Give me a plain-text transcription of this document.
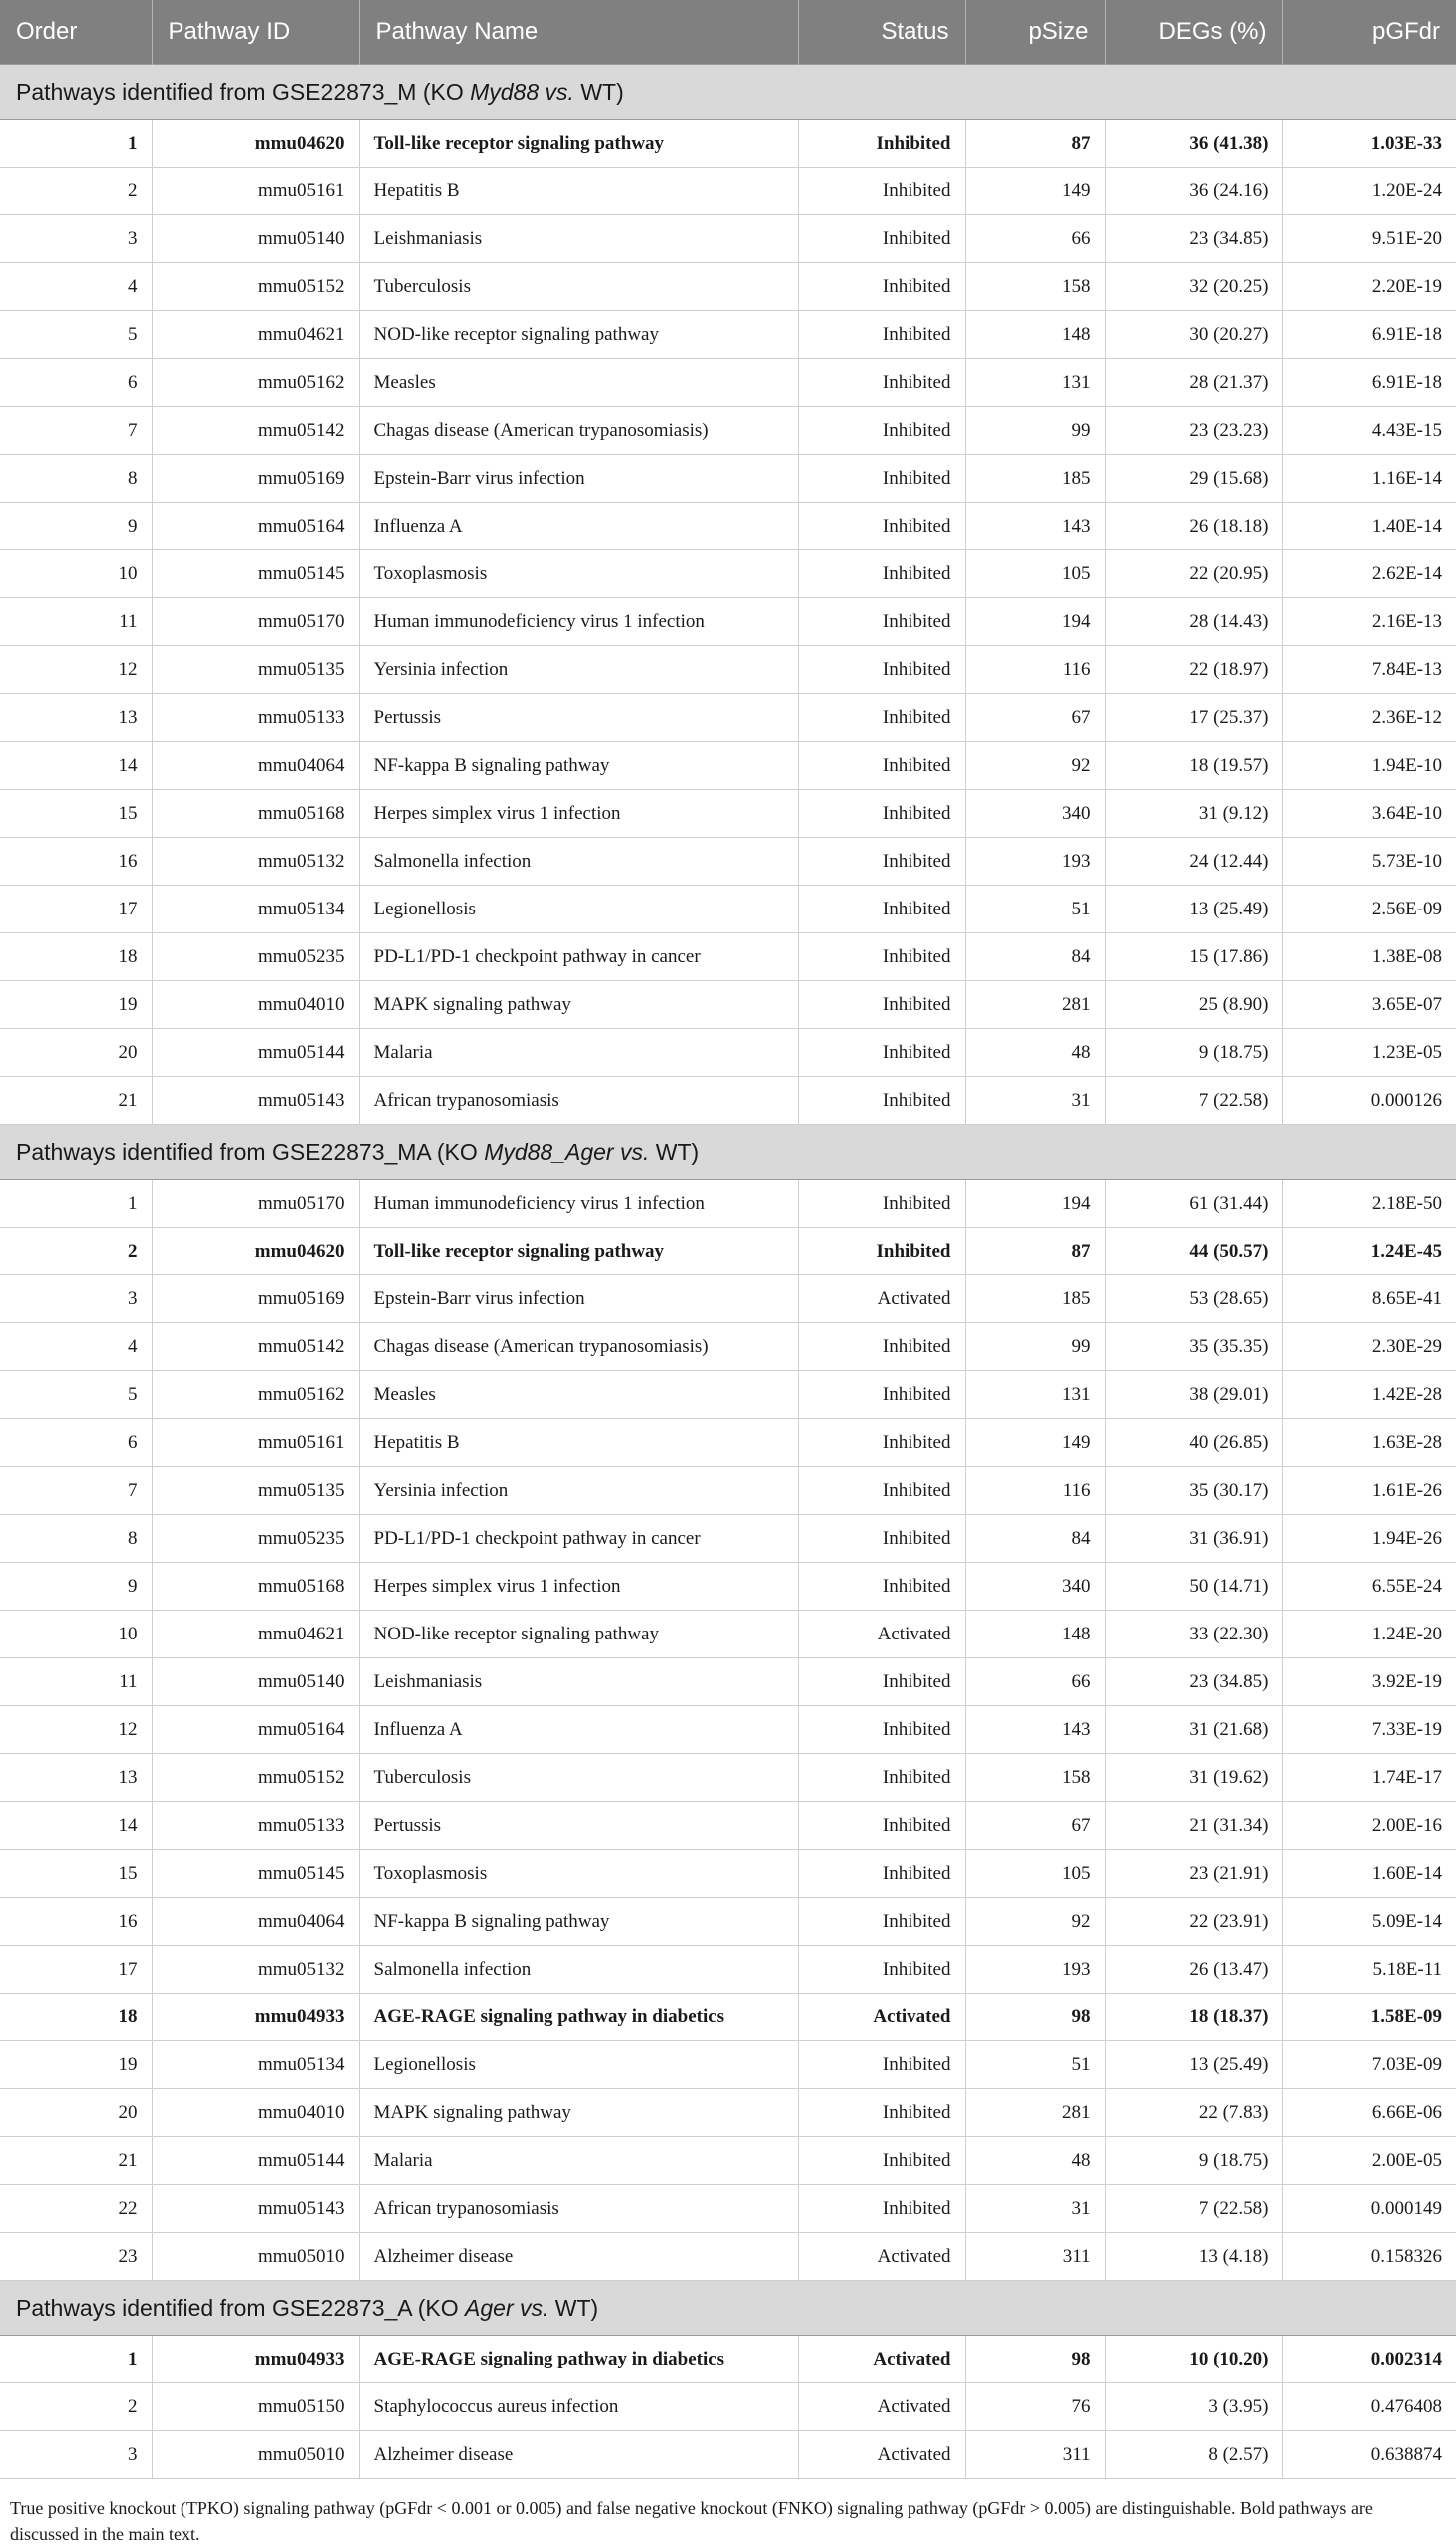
Order	Pathway ID	Pathway Name	Status	pSize	DEGs (%)	pGFdr
Pathways identified from GSE22873_M (KO Myd88 vs. WT)						
1	mmu04620	Toll-like receptor signaling pathway	Inhibited	87	36 (41.38)	1.03E-33
2	mmu05161	Hepatitis B	Inhibited	149	36 (24.16)	1.20E-24
3	mmu05140	Leishmaniasis	Inhibited	66	23 (34.85)	9.51E-20
4	mmu05152	Tuberculosis	Inhibited	158	32 (20.25)	2.20E-19
5	mmu04621	NOD-like receptor signaling pathway	Inhibited	148	30 (20.27)	6.91E-18
6	mmu05162	Measles	Inhibited	131	28 (21.37)	6.91E-18
7	mmu05142	Chagas disease (American trypanosomiasis)	Inhibited	99	23 (23.23)	4.43E-15
8	mmu05169	Epstein-Barr virus infection	Inhibited	185	29 (15.68)	1.16E-14
9	mmu05164	Influenza A	Inhibited	143	26 (18.18)	1.40E-14
10	mmu05145	Toxoplasmosis	Inhibited	105	22 (20.95)	2.62E-14
11	mmu05170	Human immunodeficiency virus 1 infection	Inhibited	194	28 (14.43)	2.16E-13
12	mmu05135	Yersinia infection	Inhibited	116	22 (18.97)	7.84E-13
13	mmu05133	Pertussis	Inhibited	67	17 (25.37)	2.36E-12
14	mmu04064	NF-kappa B signaling pathway	Inhibited	92	18 (19.57)	1.94E-10
15	mmu05168	Herpes simplex virus 1 infection	Inhibited	340	31 (9.12)	3.64E-10
16	mmu05132	Salmonella infection	Inhibited	193	24 (12.44)	5.73E-10
17	mmu05134	Legionellosis	Inhibited	51	13 (25.49)	2.56E-09
18	mmu05235	PD-L1/PD-1 checkpoint pathway in cancer	Inhibited	84	15 (17.86)	1.38E-08
19	mmu04010	MAPK signaling pathway	Inhibited	281	25 (8.90)	3.65E-07
20	mmu05144	Malaria	Inhibited	48	9 (18.75)	1.23E-05
21	mmu05143	African trypanosomiasis	Inhibited	31	7 (22.58)	0.000126
Pathways identified from GSE22873_MA (KO Myd88_Ager vs. WT)						
1	mmu05170	Human immunodeficiency virus 1 infection	Inhibited	194	61 (31.44)	2.18E-50
2	mmu04620	Toll-like receptor signaling pathway	Inhibited	87	44 (50.57)	1.24E-45
3	mmu05169	Epstein-Barr virus infection	Activated	185	53 (28.65)	8.65E-41
4	mmu05142	Chagas disease (American trypanosomiasis)	Inhibited	99	35 (35.35)	2.30E-29
5	mmu05162	Measles	Inhibited	131	38 (29.01)	1.42E-28
6	mmu05161	Hepatitis B	Inhibited	149	40 (26.85)	1.63E-28
7	mmu05135	Yersinia infection	Inhibited	116	35 (30.17)	1.61E-26
8	mmu05235	PD-L1/PD-1 checkpoint pathway in cancer	Inhibited	84	31 (36.91)	1.94E-26
9	mmu05168	Herpes simplex virus 1 infection	Inhibited	340	50 (14.71)	6.55E-24
10	mmu04621	NOD-like receptor signaling pathway	Activated	148	33 (22.30)	1.24E-20
11	mmu05140	Leishmaniasis	Inhibited	66	23 (34.85)	3.92E-19
12	mmu05164	Influenza A	Inhibited	143	31 (21.68)	7.33E-19
13	mmu05152	Tuberculosis	Inhibited	158	31 (19.62)	1.74E-17
14	mmu05133	Pertussis	Inhibited	67	21 (31.34)	2.00E-16
15	mmu05145	Toxoplasmosis	Inhibited	105	23 (21.91)	1.60E-14
16	mmu04064	NF-kappa B signaling pathway	Inhibited	92	22 (23.91)	5.09E-14
17	mmu05132	Salmonella infection	Inhibited	193	26 (13.47)	5.18E-11
18	mmu04933	AGE-RAGE signaling pathway in diabetics	Activated	98	18 (18.37)	1.58E-09
19	mmu05134	Legionellosis	Inhibited	51	13 (25.49)	7.03E-09
20	mmu04010	MAPK signaling pathway	Inhibited	281	22 (7.83)	6.66E-06
21	mmu05144	Malaria	Inhibited	48	9 (18.75)	2.00E-05
22	mmu05143	African trypanosomiasis	Inhibited	31	7 (22.58)	0.000149
23	mmu05010	Alzheimer disease	Activated	311	13 (4.18)	0.158326
Pathways identified from GSE22873_A (KO Ager vs. WT)						
1	mmu04933	AGE-RAGE signaling pathway in diabetics	Activated	98	10 (10.20)	0.002314
2	mmu05150	Staphylococcus aureus infection	Activated	76	3 (3.95)	0.476408
3	mmu05010	Alzheimer disease	Activated	311	8 (2.57)	0.638874

True positive knockout (TPKO) signaling pathway (pGFdr < 0.001 or 0.005) and false negative knockout (FNKO) signaling pathway (pGFdr > 0.005) are distinguishable. Bold pathways are discussed in the main text.
